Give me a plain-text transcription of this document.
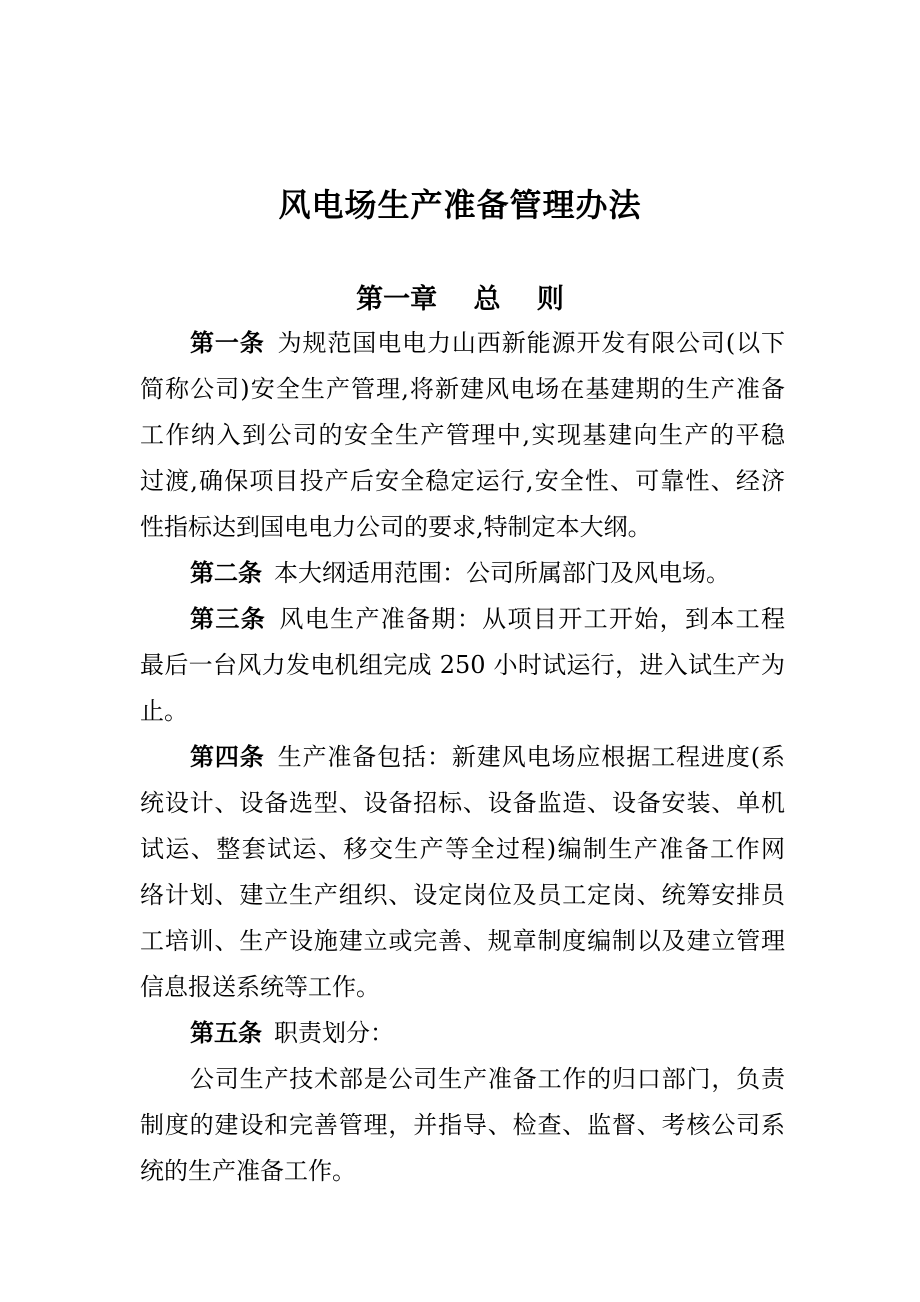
风电场生产准备管理办法
第一章　 总　 则
第一条  为规范国电电力山西新能源开发有限公司(以下
简称公司)安全生产管理,将新建风电场在基建期的生产准备
工作纳入到公司的安全生产管理中,实现基建向生产的平稳
过渡,确保项目投产后安全稳定运行,安全性、可靠性、经济
性指标达到国电电力公司的要求,特制定本大纲。
第二条  本大纲适用范围：公司所属部门及风电场。
第三条  风电生产准备期：从项目开工开始，到本工程
最后一台风力发电机组完成 250 小时试运行，进入试生产为
止。
第四条  生产准备包括：新建风电场应根据工程进度(系
统设计、设备选型、设备招标、设备监造、设备安装、单机
试运、整套试运、移交生产等全过程)编制生产准备工作网
络计划、建立生产组织、设定岗位及员工定岗、统筹安排员
工培训、生产设施建立或完善、规章制度编制以及建立管理
信息报送系统等工作。
第五条  职责划分：
公司生产技术部是公司生产准备工作的归口部门，负责
制度的建设和完善管理，并指导、检查、监督、考核公司系
统的生产准备工作。
